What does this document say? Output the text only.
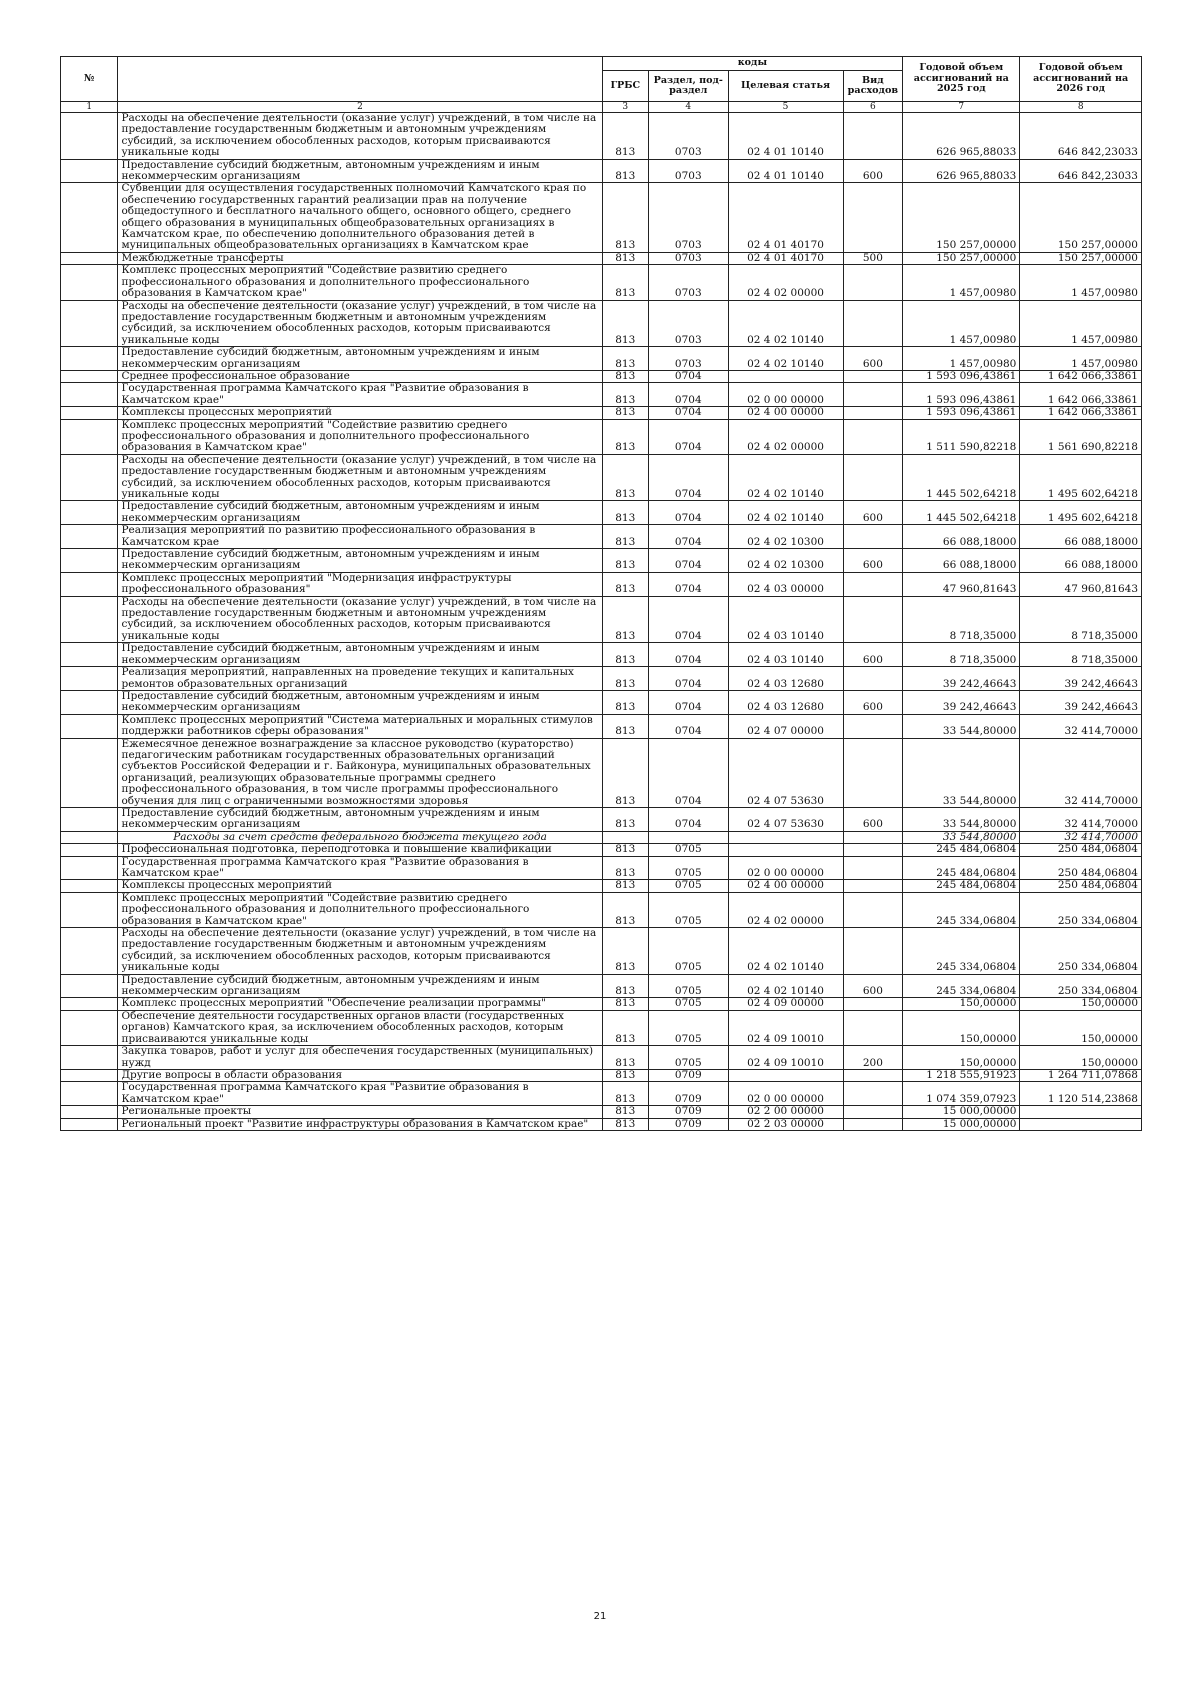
№		коды				Годовой объем ассигнований на 2025 год	Годовой объем ассигнований на 2026 год
		ГРБС	Раздел, под-раздел	Целевая статья	Вид расходов		
1	2	3	4	5	6	7	8
	Расходы на обеспечение деятельности (оказание услуг) учреждений, в том числе на предоставление государственным бюджетным и автономным учреждениям субсидий, за исключением обособленных расходов, которым присваиваются уникальные коды	813	0703	02 4 01 10140		626 965,88033	646 842,23033
	Предоставление субсидий бюджетным, автономным учреждениям и иным некоммерческим организациям	813	0703	02 4 01 10140	600	626 965,88033	646 842,23033
	Субвенции для осуществления государственных полномочий Камчатского края по обеспечению государственных гарантий реализации прав на получение общедоступного и бесплатного начального общего, основного общего, среднего общего образования в муниципальных общеобразовательных организациях в Камчатском крае, по обеспечению дополнительного образования детей в муниципальных общеобразовательных организациях в Камчатском крае	813	0703	02 4 01 40170		150 257,00000	150 257,00000
	Межбюджетные трансферты	813	0703	02 4 01 40170	500	150 257,00000	150 257,00000
	Комплекс процессных мероприятий "Содействие развитию среднего профессионального образования и дополнительного профессионального образования в Камчатском крае"	813	0703	02 4 02 00000		1 457,00980	1 457,00980
	Расходы на обеспечение деятельности (оказание услуг) учреждений, в том числе на предоставление государственным бюджетным и автономным учреждениям субсидий, за исключением обособленных расходов, которым присваиваются уникальные коды	813	0703	02 4 02 10140		1 457,00980	1 457,00980
	Предоставление субсидий бюджетным, автономным учреждениям и иным некоммерческим организациям	813	0703	02 4 02 10140	600	1 457,00980	1 457,00980
	Среднее профессиональное образование	813	0704			1 593 096,43861	1 642 066,33861
	Государственная программа Камчатского края "Развитие образования в Камчатском крае"	813	0704	02 0 00 00000		1 593 096,43861	1 642 066,33861
	Комплексы процессных мероприятий	813	0704	02 4 00 00000		1 593 096,43861	1 642 066,33861
	Комплекс процессных мероприятий "Содействие развитию среднего профессионального образования и дополнительного профессионального образования в Камчатском крае"	813	0704	02 4 02 00000		1 511 590,82218	1 561 690,82218
	Расходы на обеспечение деятельности (оказание услуг) учреждений, в том числе на предоставление государственным бюджетным и автономным учреждениям субсидий, за исключением обособленных расходов, которым присваиваются уникальные коды	813	0704	02 4 02 10140		1 445 502,64218	1 495 602,64218
	Предоставление субсидий бюджетным, автономным учреждениям и иным некоммерческим организациям	813	0704	02 4 02 10140	600	1 445 502,64218	1 495 602,64218
	Реализация мероприятий по развитию профессионального образования в Камчатском крае	813	0704	02 4 02 10300		66 088,18000	66 088,18000
	Предоставление субсидий бюджетным, автономным учреждениям и иным некоммерческим организациям	813	0704	02 4 02 10300	600	66 088,18000	66 088,18000
	Комплекс процессных мероприятий "Модернизация инфраструктуры профессионального образования"	813	0704	02 4 03 00000		47 960,81643	47 960,81643
	Расходы на обеспечение деятельности (оказание услуг) учреждений, в том числе на предоставление государственным бюджетным и автономным учреждениям субсидий, за исключением обособленных расходов, которым присваиваются уникальные коды	813	0704	02 4 03 10140		8 718,35000	8 718,35000
	Предоставление субсидий бюджетным, автономным учреждениям и иным некоммерческим организациям	813	0704	02 4 03 10140	600	8 718,35000	8 718,35000
	Реализация мероприятий, направленных на проведение текущих и капитальных ремонтов образовательных организаций	813	0704	02 4 03 12680		39 242,46643	39 242,46643
	Предоставление субсидий бюджетным, автономным учреждениям и иным некоммерческим организациям	813	0704	02 4 03 12680	600	39 242,46643	39 242,46643
	Комплекс процессных мероприятий "Система материальных и моральных стимулов поддержки работников сферы образования"	813	0704	02 4 07 00000		33 544,80000	32 414,70000
	Ежемесячное денежное вознаграждение за классное руководство (кураторство) педагогическим работникам государственных образовательных организаций субъектов Российской Федерации и г. Байконура, муниципальных образовательных организаций, реализующих образовательные программы среднего профессионального образования, в том числе программы профессионального обучения для лиц с ограниченными возможностями здоровья	813	0704	02 4 07 53630		33 544,80000	32 414,70000
	Предоставление субсидий бюджетным, автономным учреждениям и иным некоммерческим организациям	813	0704	02 4 07 53630	600	33 544,80000	32 414,70000
	Расходы за счет средств федерального бюджета текущего года					33 544,80000	32 414,70000
	Профессиональная подготовка, переподготовка и повышение квалификации	813	0705			245 484,06804	250 484,06804
	Государственная программа Камчатского края "Развитие образования в Камчатском крае"	813	0705	02 0 00 00000		245 484,06804	250 484,06804
	Комплексы процессных мероприятий	813	0705	02 4 00 00000		245 484,06804	250 484,06804
	Комплекс процессных мероприятий "Содействие развитию среднего профессионального образования и дополнительного профессионального образования в Камчатском крае"	813	0705	02 4 02 00000		245 334,06804	250 334,06804
	Расходы на обеспечение деятельности (оказание услуг) учреждений, в том числе на предоставление государственным бюджетным и автономным учреждениям субсидий, за исключением обособленных расходов, которым присваиваются уникальные коды	813	0705	02 4 02 10140		245 334,06804	250 334,06804
	Предоставление субсидий бюджетным, автономным учреждениям и иным некоммерческим организациям	813	0705	02 4 02 10140	600	245 334,06804	250 334,06804
	Комплекс процессных мероприятий "Обеспечение реализации программы"	813	0705	02 4 09 00000		150,00000	150,00000
	Обеспечение деятельности государственных органов власти (государственных органов) Камчатского края, за исключением обособленных расходов, которым присваиваются уникальные коды	813	0705	02 4 09 10010		150,00000	150,00000
	Закупка товаров, работ и услуг для обеспечения государственных (муниципальных) нужд	813	0705	02 4 09 10010	200	150,00000	150,00000
	Другие вопросы в области образования	813	0709			1 218 555,91923	1 264 711,07868
	Государственная программа Камчатского края "Развитие образования в Камчатском крае"	813	0709	02 0 00 00000		1 074 359,07923	1 120 514,23868
	Региональные проекты	813	0709	02 2 00 00000		15 000,00000	
	Региональный проект "Развитие инфраструктуры образования в Камчатском крае"	813	0709	02 2 03 00000		15 000,00000	
21
